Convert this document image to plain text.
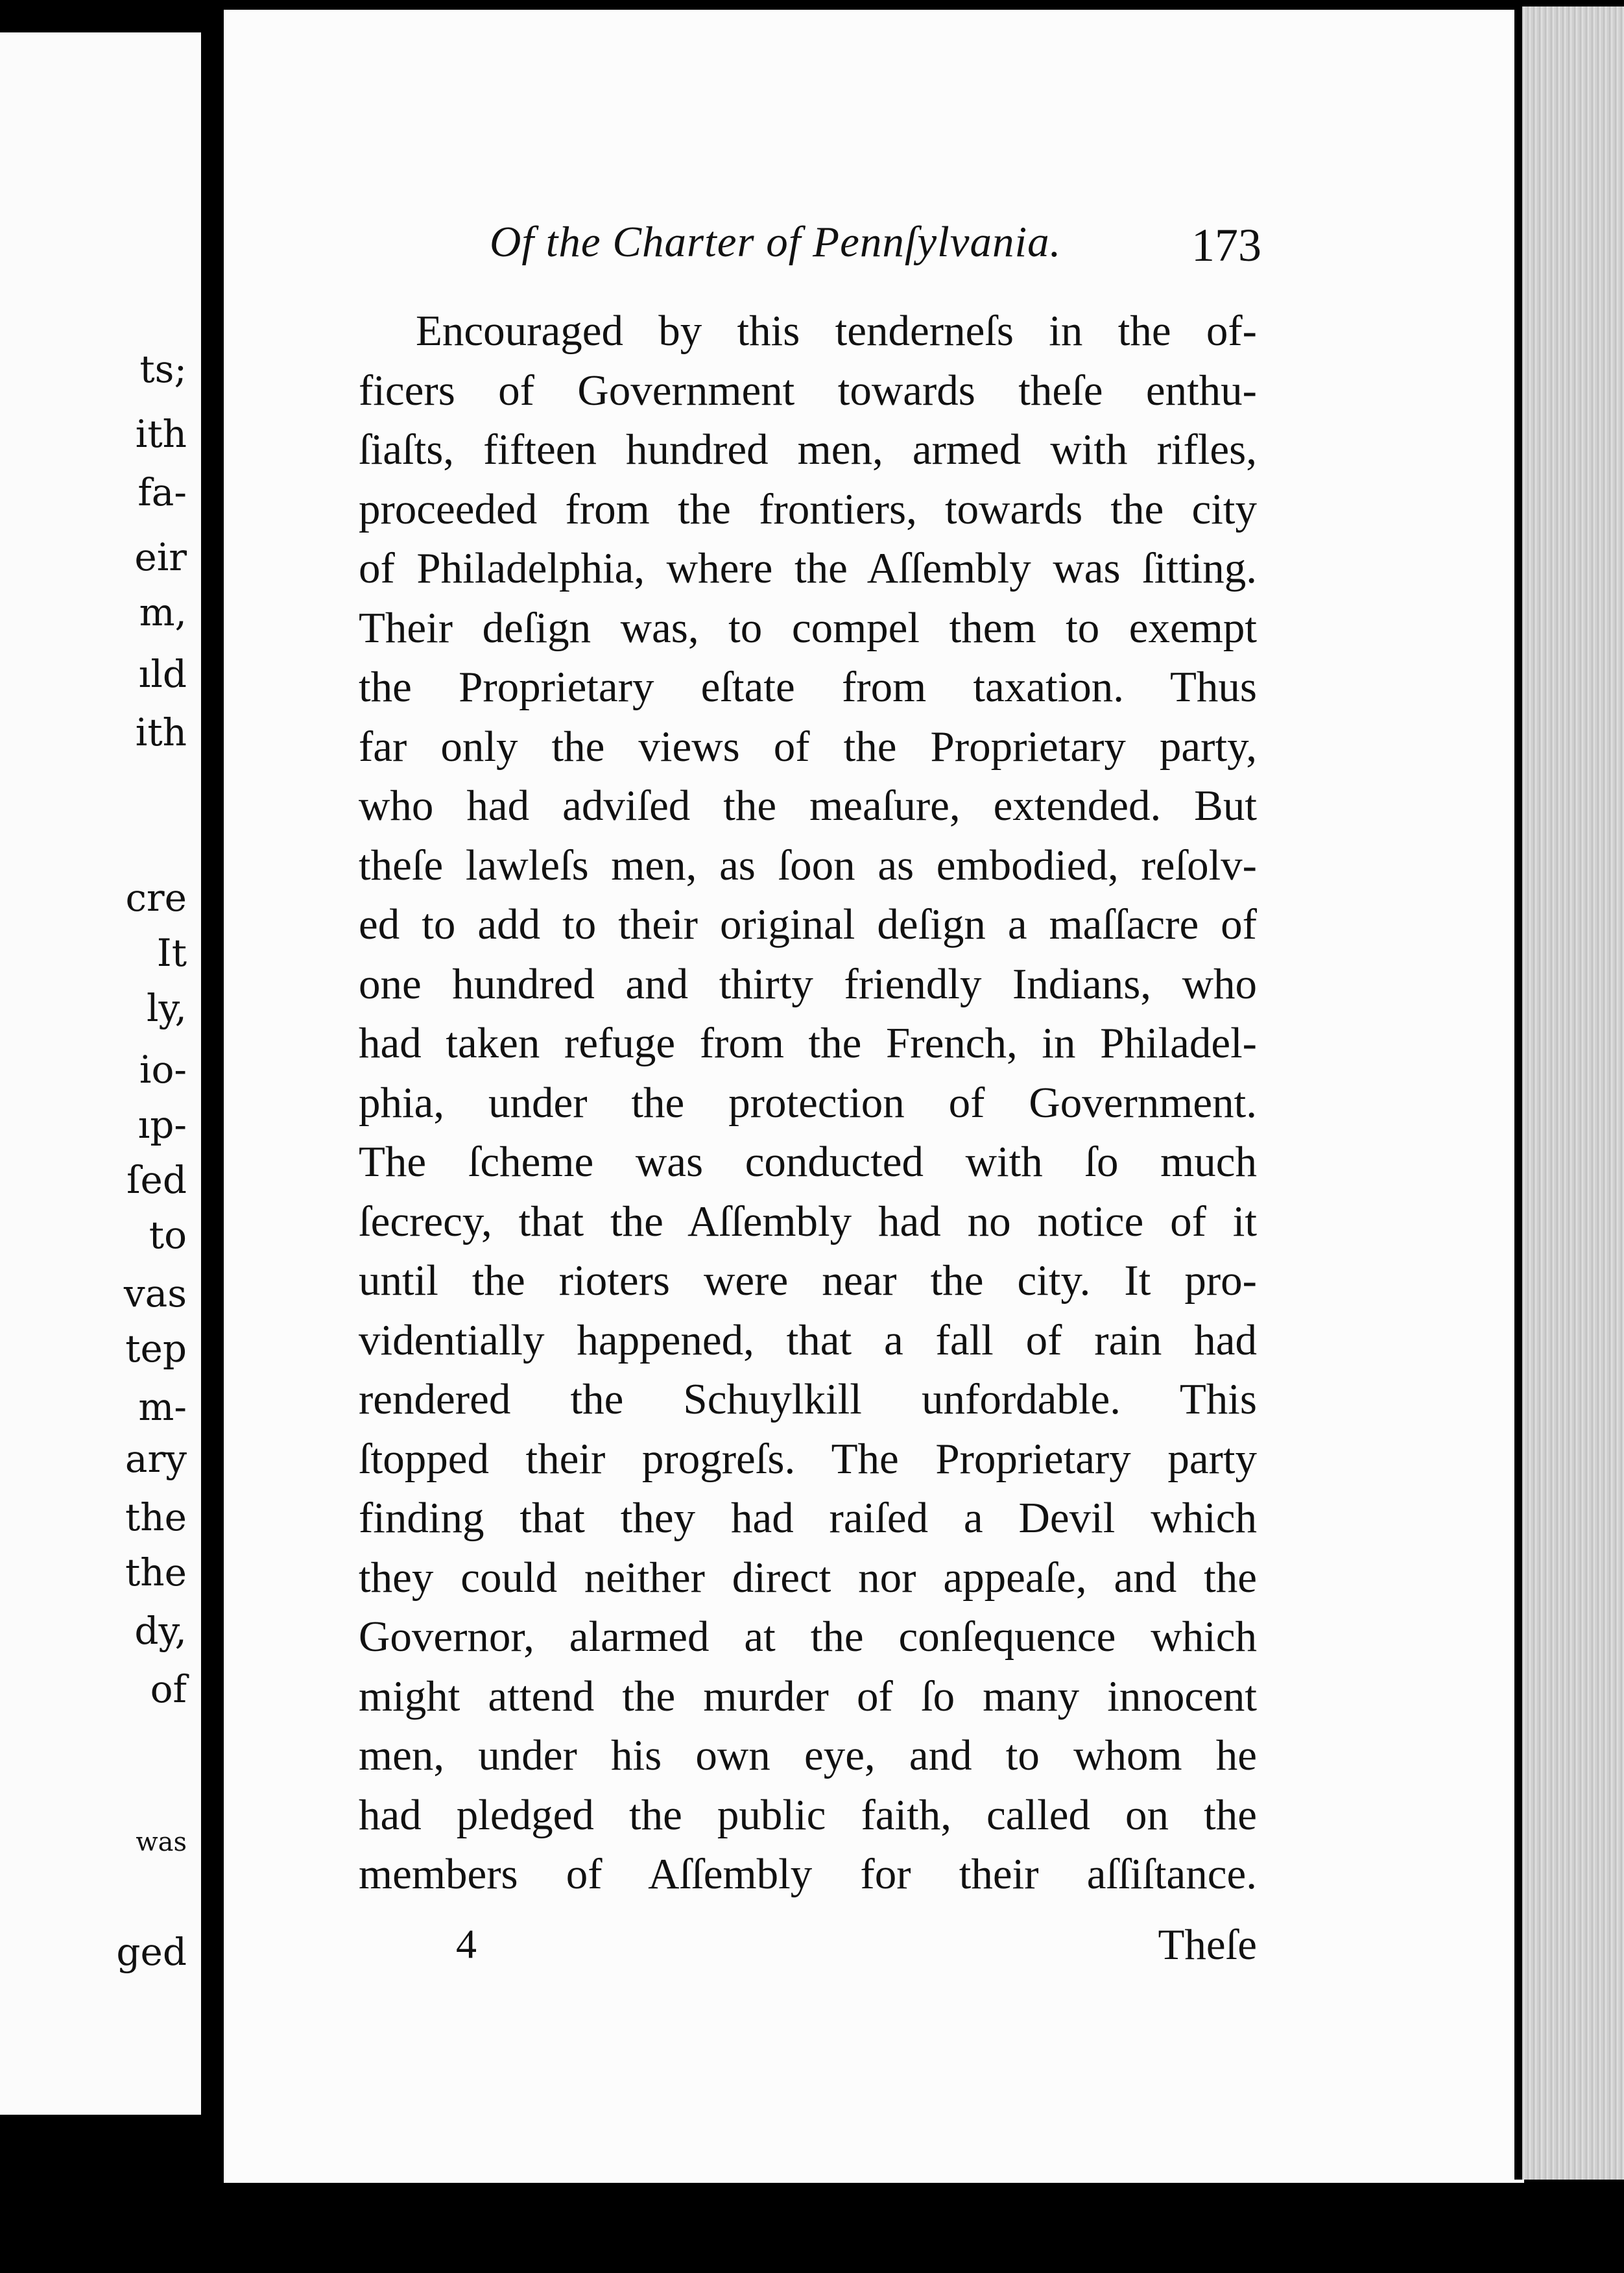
ts;
ith
fa-
eir
m,
ıld
ith
cre
It
ly,
io-
ıp-
ſed
to
vas
tep
m-
ary
the
the
dy,
of
was
ged
Of the Charter of Pennſylvania.	173
Encouraged by this tenderneſs in the of-
ficers of Government towards theſe enthu-
ſiaſts, fifteen hundred men, armed with rifles,
proceeded from the frontiers, towards the city
of Philadelphia, where the Aſſembly was ſitting.
Their deſign was, to compel them to exempt
the Proprietary eſtate from taxation. Thus
far only the views of the Proprietary party,
who had adviſed the meaſure, extended. But
theſe lawleſs men, as ſoon as embodied, reſolv-
ed to add to their original deſign a maſſacre of
one hundred and thirty friendly Indians, who
had taken refuge from the French, in Philadel-
phia, under the protection of Government.
The ſcheme was conducted with ſo much
ſecrecy, that the Aſſembly had no notice of it
until the rioters were near the city. It pro-
videntially happened, that a fall of rain had
rendered the Schuylkill unfordable. This
ſtopped their progreſs. The Proprietary party
finding that they had raiſed a Devil which
they could neither direct nor appeaſe, and the
Governor, alarmed at the conſequence which
might attend the murder of ſo many innocent
men, under his own eye, and to whom he
had pledged the public faith, called on the
members of Aſſembly for their aſſiſtance.
4	Theſe
